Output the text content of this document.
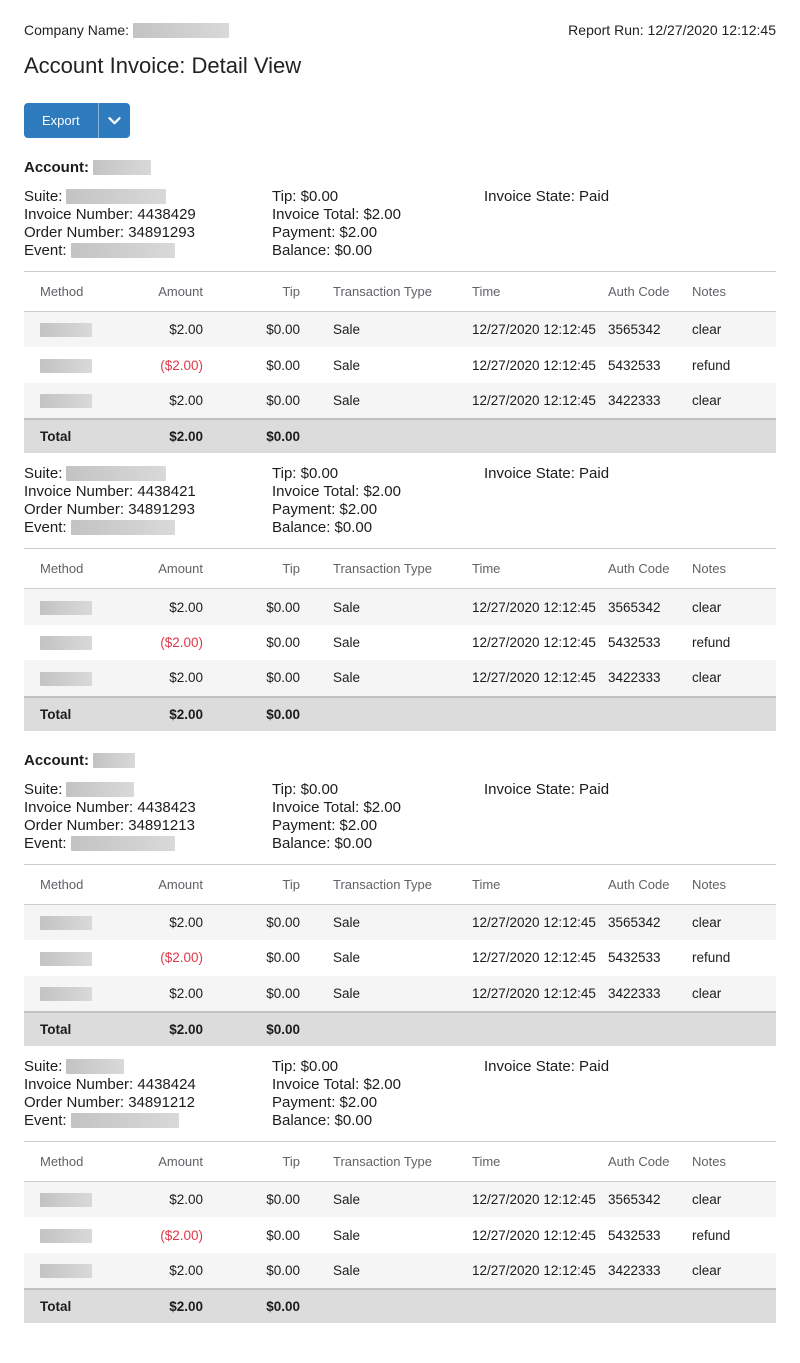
Company Name:	Report Run: 12/27/2020 12:12:45
Account Invoice: Detail View
Export
Account:
Suite:
Invoice Number: 4438429
Order Number: 34891293
Event:
Tip: $0.00
Invoice Total: $2.00
Payment: $2.00
Balance: $0.00
Invoice State: Paid
Method	Amount	Tip	Transaction Type	Time	Auth Code	Notes
	$2.00	$0.00	Sale	12/27/2020 12:12:45	3565342	clear
	($2.00)	$0.00	Sale	12/27/2020 12:12:45	5432533	refund
	$2.00	$0.00	Sale	12/27/2020 12:12:45	3422333	clear
Total	$2.00	$0.00				
Suite:
Invoice Number: 4438421
Order Number: 34891293
Event:
Tip: $0.00
Invoice Total: $2.00
Payment: $2.00
Balance: $0.00
Invoice State: Paid
Method	Amount	Tip	Transaction Type	Time	Auth Code	Notes
	$2.00	$0.00	Sale	12/27/2020 12:12:45	3565342	clear
	($2.00)	$0.00	Sale	12/27/2020 12:12:45	5432533	refund
	$2.00	$0.00	Sale	12/27/2020 12:12:45	3422333	clear
Total	$2.00	$0.00				
Account:
Suite:
Invoice Number: 4438423
Order Number: 34891213
Event:
Tip: $0.00
Invoice Total: $2.00
Payment: $2.00
Balance: $0.00
Invoice State: Paid
Method	Amount	Tip	Transaction Type	Time	Auth Code	Notes
	$2.00	$0.00	Sale	12/27/2020 12:12:45	3565342	clear
	($2.00)	$0.00	Sale	12/27/2020 12:12:45	5432533	refund
	$2.00	$0.00	Sale	12/27/2020 12:12:45	3422333	clear
Total	$2.00	$0.00				
Suite:
Invoice Number: 4438424
Order Number: 34891212
Event:
Tip: $0.00
Invoice Total: $2.00
Payment: $2.00
Balance: $0.00
Invoice State: Paid
Method	Amount	Tip	Transaction Type	Time	Auth Code	Notes
	$2.00	$0.00	Sale	12/27/2020 12:12:45	3565342	clear
	($2.00)	$0.00	Sale	12/27/2020 12:12:45	5432533	refund
	$2.00	$0.00	Sale	12/27/2020 12:12:45	3422333	clear
Total	$2.00	$0.00				
